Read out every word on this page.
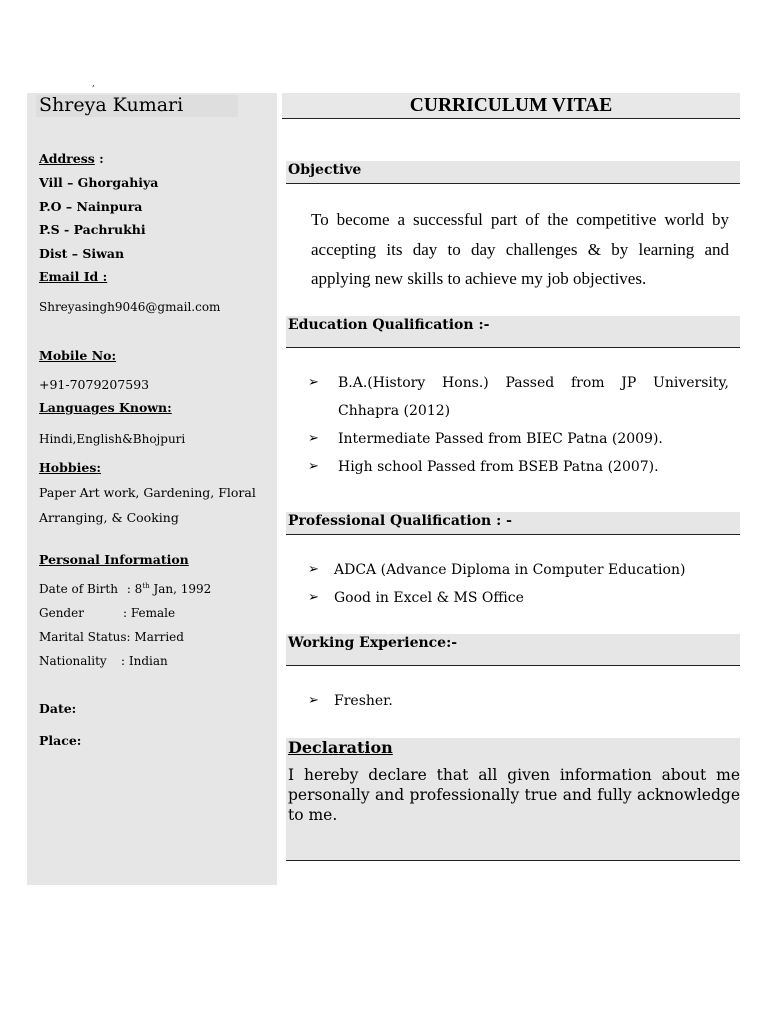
,
Shreya Kumari
Address :
Vill – Ghorgahiya
P.O – Nainpura
P.S - Pachrukhi
Dist – Siwan
Email Id :
Shreyasingh9046@gmail.com
Mobile No:
+91-7079207593
Languages Known:
Hindi,English&Bhojpuri
Hobbies:
Paper Art work, Gardening, Floral
Arranging, & Cooking
Personal Information
Date of Birth : 8th Jan, 1992
Gender	: Female
Marital Status: Married
Nationality : Indian
Date:
Place:
CURRICULUM VITAE
Objective
To become a successful part of the competitive world by accepting its day to day challenges & by learning and applying new skills to achieve my job objectives.
Education Qualification :-
➢	B.A.(History Hons.) Passed from JP University, Chhapra (2012)
➢	Intermediate Passed from BIEC Patna (2009).
➢	High school Passed from BSEB Patna (2007).
Professional Qualification : -
➢	ADCA (Advance Diploma in Computer Education)
➢	Good in Excel & MS Office
Working Experience:-
➢	Fresher.
Declaration
I hereby declare that all given information about me personally and professionally true and fully acknowledge to me.
